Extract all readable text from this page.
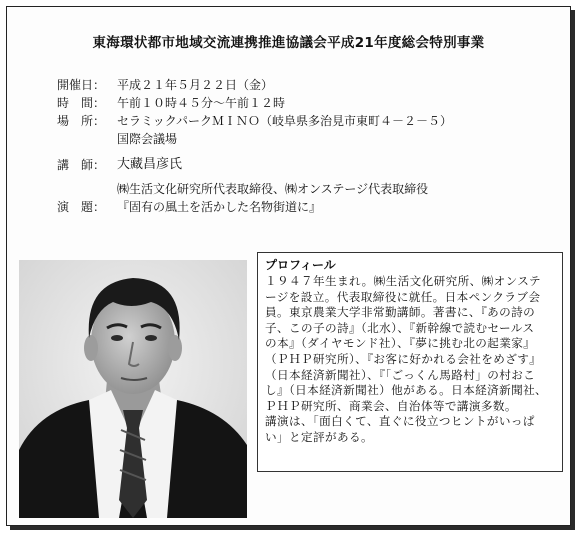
東海環状都市地域交流連携推進協議会平成21年度総会特別事業
開催日： 平成２１年５月２２日（金）
時　間： 午前１０時４５分～午前１２時
場　所： セラミックパークＭＩＮＯ（岐阜県多治見市東町４－２－５）
国際会議場
講　師： 大藏昌彦氏
㈱生活文化研究所代表取締役、㈱オンステージ代表取締役
演　題： 『固有の風土を活かした名物街道に』
プロフィール
１９４７年生まれ。㈱生活文化研究所、㈱オンステ
ージを設立。代表取締役に就任。日本ペンクラブ会
員。東京農業大学非常勤講師。著書に、『あの詩の
子、この子の詩』（北水）、『新幹線で読むセールス
の本』（ダイヤモンド社）、『夢に挑む北の起業家』
（ＰＨＰ研究所）、『お客に好かれる会社をめざす』
（日本経済新聞社）、『「ごっくん馬路村」の村おこ
し』（日本経済新聞社）他がある。日本経済新聞社、
ＰＨＰ研究所、商業会、自治体等で講演多数。
講演は、「面白くて、直ぐに役立つヒントがいっぱ
い」と定評がある。
